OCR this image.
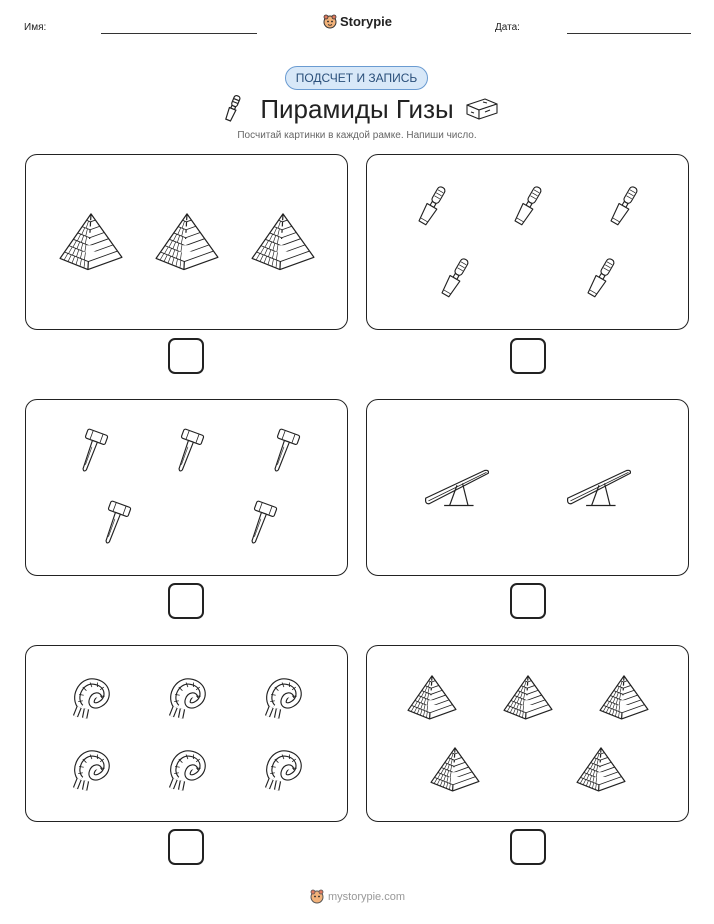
Имя:	Storypie	Дата:
ПОДСЧЕТ И ЗАПИСЬ
Пирамиды Гизы
Посчитай картинки в каждой рамке. Напиши число.
mystorypie.com
